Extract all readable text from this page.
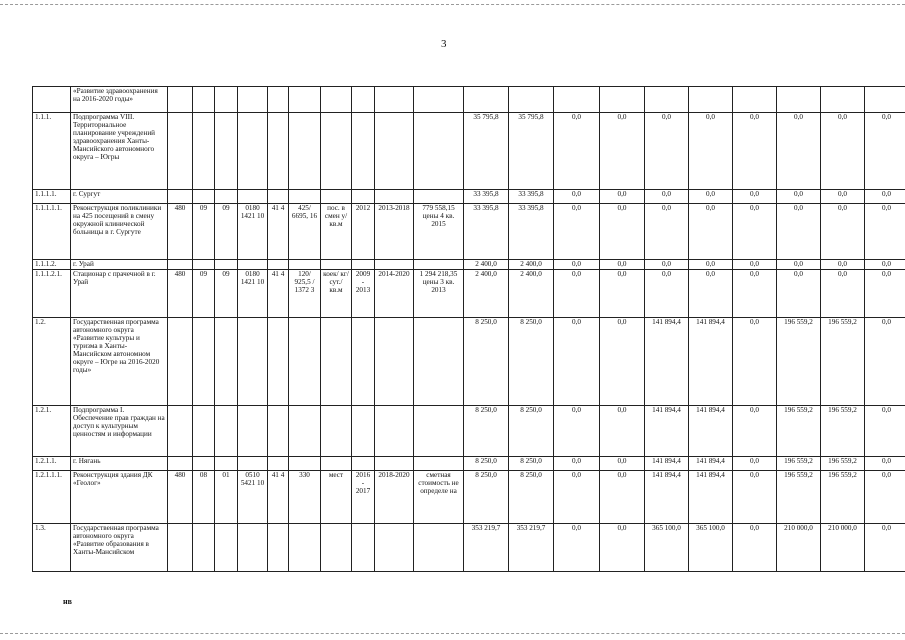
3
	«Развитие здравоохранения на 2016-2020 годы»																				
1.1.1.	Подпрограмма VIII. Территориальное планирование учреждений здравоохранения Ханты-Мансийского автономного округа – Югры											35 795,8	35 795,8	0,0	0,0	0,0	0,0	0,0	0,0	0,0	0,0
1.1.1.1.	г. Сургут											33 395,8	33 395,8	0,0	0,0	0,0	0,0	0,0	0,0	0,0	0,0
1.1.1.1.1.	Реконструкция поликлиники на 425 посещений в смену окружной клинической больницы в г. Сургуте	480	09	09	0180 1421 10	41 4	425/ 6695, 16	пос. в смен у/ кв.м	2012	2013-2018	779 558,15 цены 4 кв. 2015	33 395,8	33 395,8	0,0	0,0	0,0	0,0	0,0	0,0	0,0	0,0
1.1.1.2.	г. Урай											2 400,0	2 400,0	0,0	0,0	0,0	0,0	0,0	0,0	0,0	0,0
1.1.1.2.1.	Стационар с прачечной в г. Урай	480	09	09	0180 1421 10	41 4	120/ 925,5 / 1372 3	коек/ кг/ сут./ кв.м	2009 - 2013	2014-2020	1 294 218,35 цены 3 кв. 2013	2 400,0	2 400,0	0,0	0,0	0,0	0,0	0,0	0,0	0,0	0,0
1.2.	Государственная программа автономного округа «Развитие культуры и туризма в Ханты-Мансийском автономном округе – Югре на 2016-2020 годы»											8 250,0	8 250,0	0,0	0,0	141 894,4	141 894,4	0,0	196 559,2	196 559,2	0,0
1.2.1.	Подпрограмма I. Обеспечение прав граждан на доступ к культурным ценностям и информации											8 250,0	8 250,0	0,0	0,0	141 894,4	141 894,4	0,0	196 559,2	196 559,2	0,0
1.2.1.1.	г. Нягань											8 250,0	8 250,0	0,0	0,0	141 894,4	141 894,4	0,0	196 559,2	196 559,2	0,0
1.2.1.1.1.	Реконструкция здания ДК «Геолог»	480	08	01	0510 5421 10	41 4	330	мест	2016 - 2017	2018-2020	сметная стоимость не определе на	8 250,0	8 250,0	0,0	0,0	141 894,4	141 894,4	0,0	196 559,2	196 559,2	0,0
1.3.	Государственная программа автономного округа «Развитие образования в Ханты-Мансийском											353 219,7	353 219,7	0,0	0,0	365 100,0	365 100,0	0,0	210 000,0	210 000,0	0,0
нв
